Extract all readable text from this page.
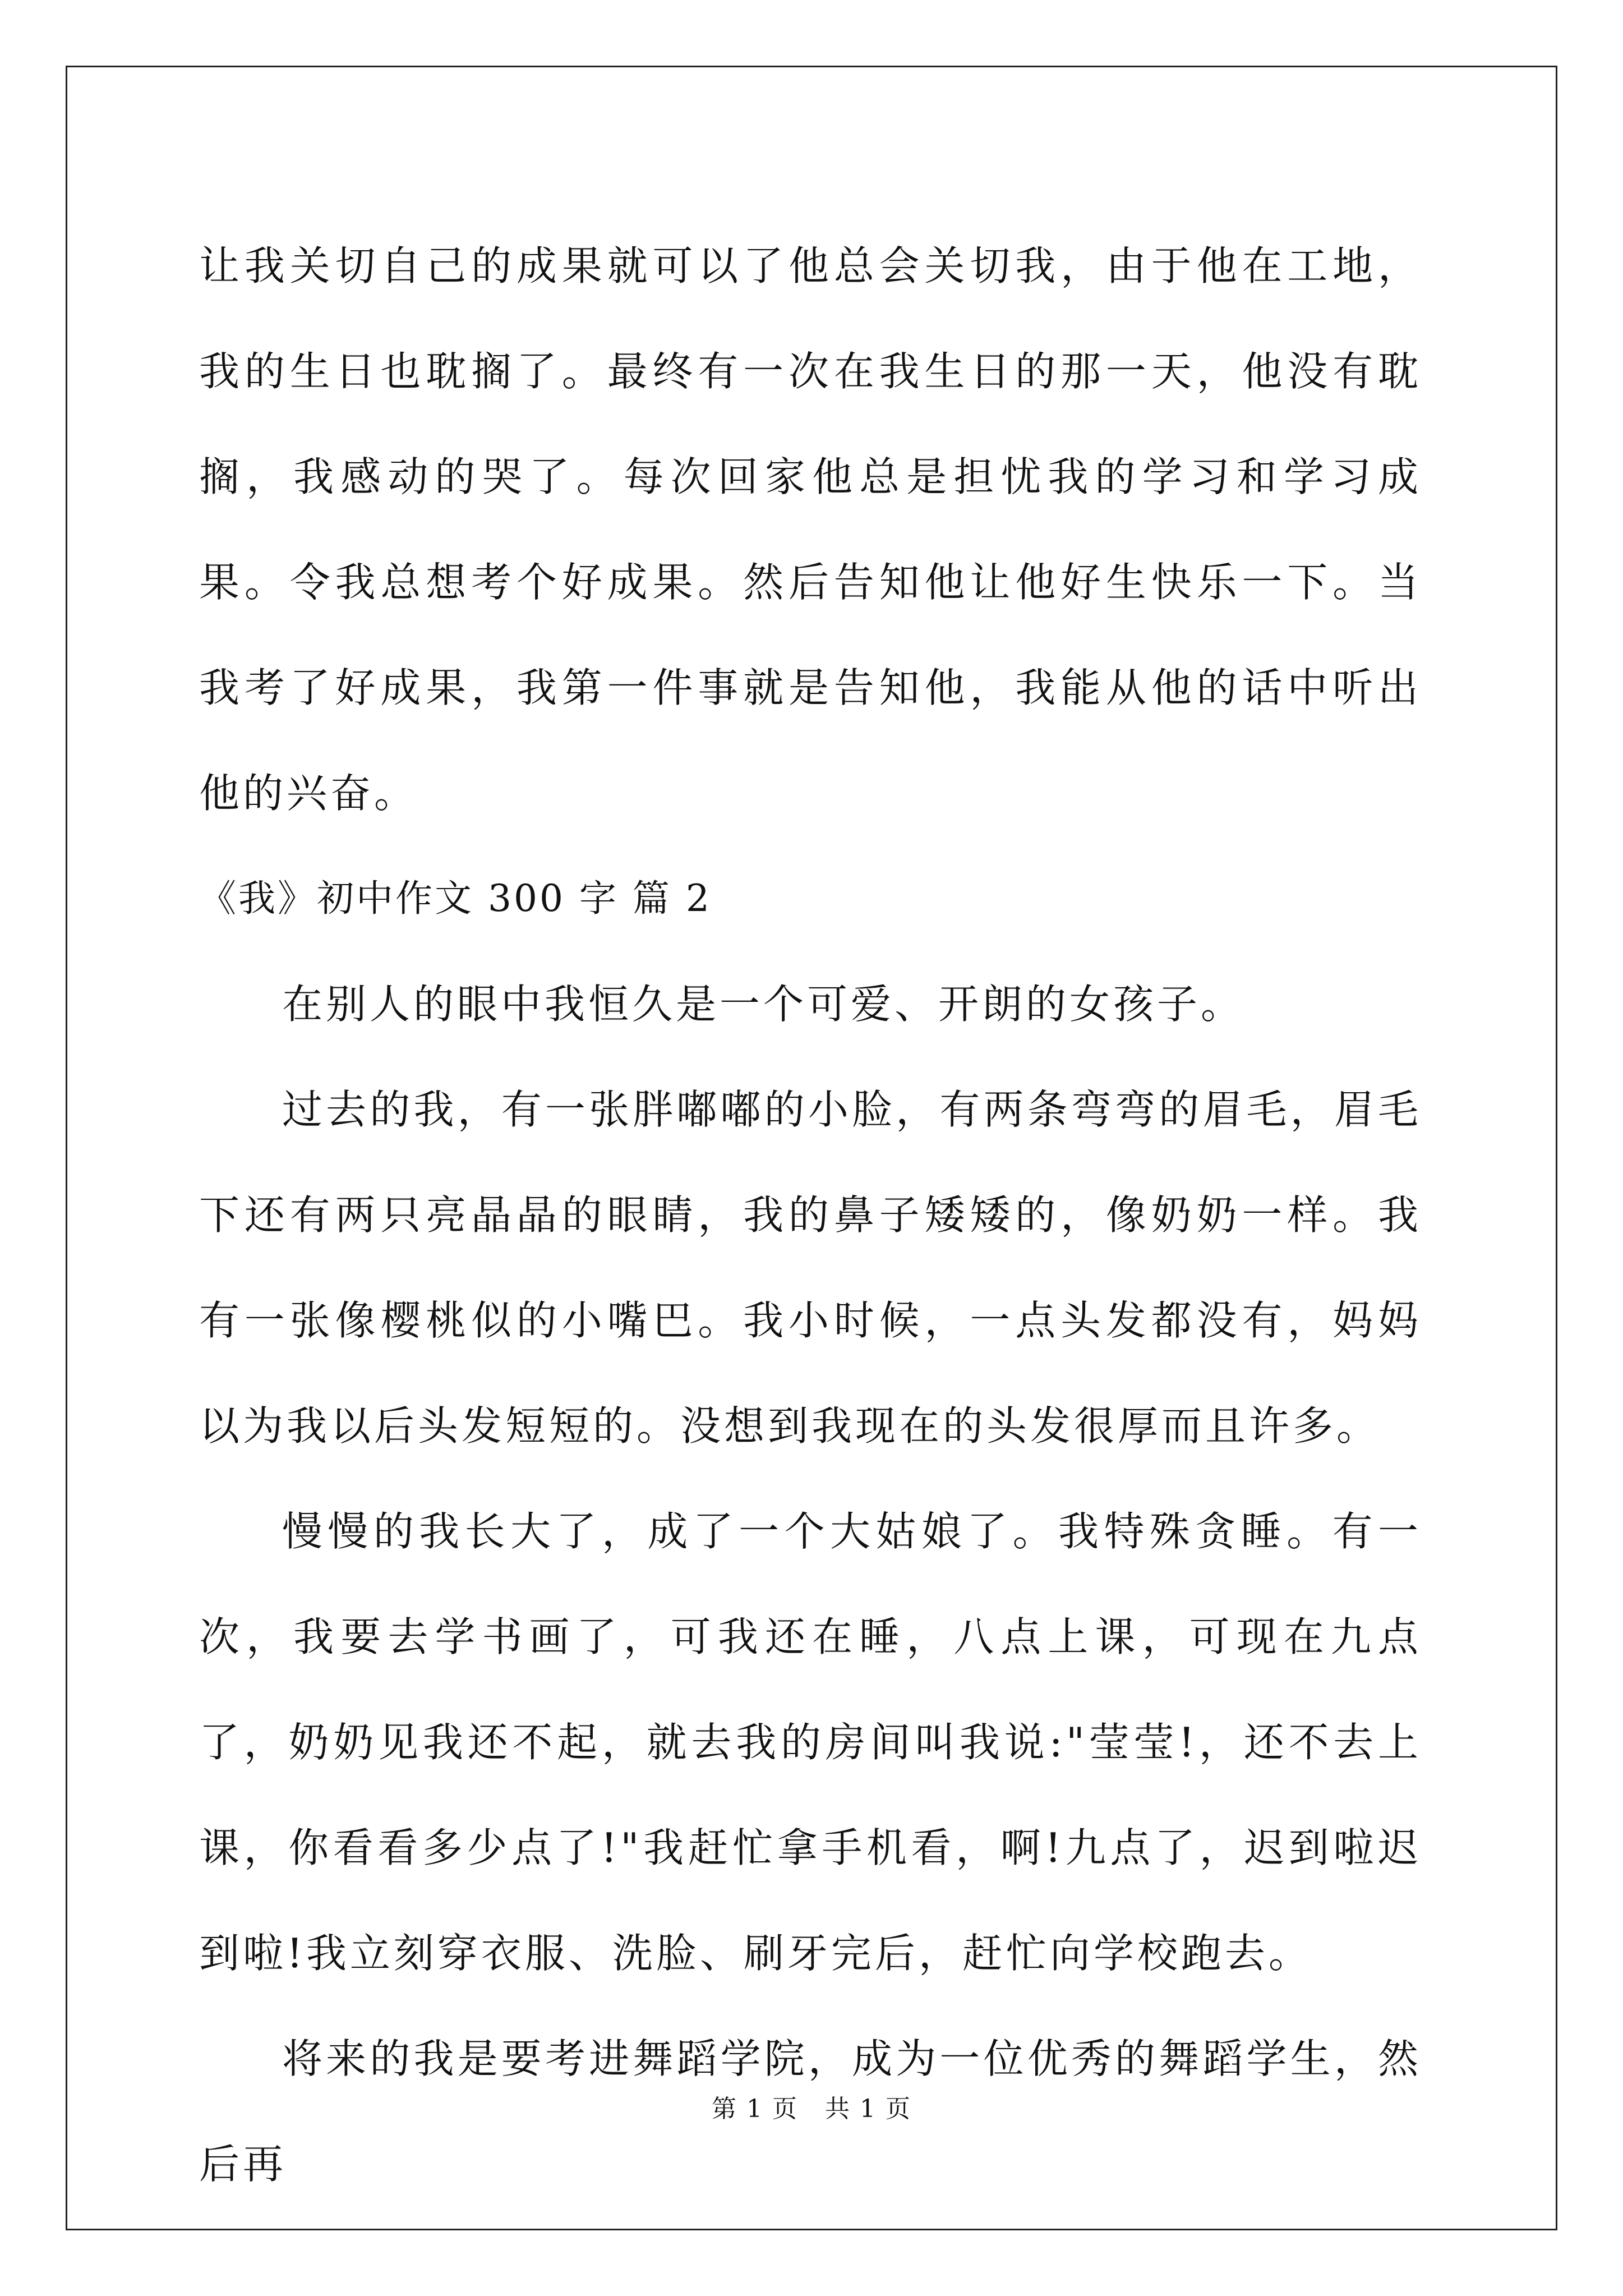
让我关切自己的成果就可以了他总会关切我，由于他在工地，我的生日也耽搁了。最终有一次在我生日的那一天，他没有耽搁，我感动的哭了。每次回家他总是担忧我的学习和学习成果。令我总想考个好成果。然后告知他让他好生快乐一下。当我考了好成果，我第一件事就是告知他，我能从他的话中听出他的兴奋。

《我》初中作文 300 字 篇 2

在别人的眼中我恒久是一个可爱、开朗的女孩子。

过去的我，有一张胖嘟嘟的小脸，有两条弯弯的眉毛，眉毛下还有两只亮晶晶的眼睛，我的鼻子矮矮的，像奶奶一样。我有一张像樱桃似的小嘴巴。我小时候，一点头发都没有，妈妈以为我以后头发短短的。没想到我现在的头发很厚而且许多。

慢慢的我长大了，成了一个大姑娘了。我特殊贪睡。有一次，我要去学书画了，可我还在睡，八点上课，可现在九点了，奶奶见我还不起，就去我的房间叫我说:"莹莹!，还不去上课，你看看多少点了!"我赶忙拿手机看，啊!九点了，迟到啦迟到啦!我立刻穿衣服、洗脸、刷牙完后，赶忙向学校跑去。

将来的我是要考进舞蹈学院，成为一位优秀的舞蹈学生，然后再

第 1 页   共 1 页
